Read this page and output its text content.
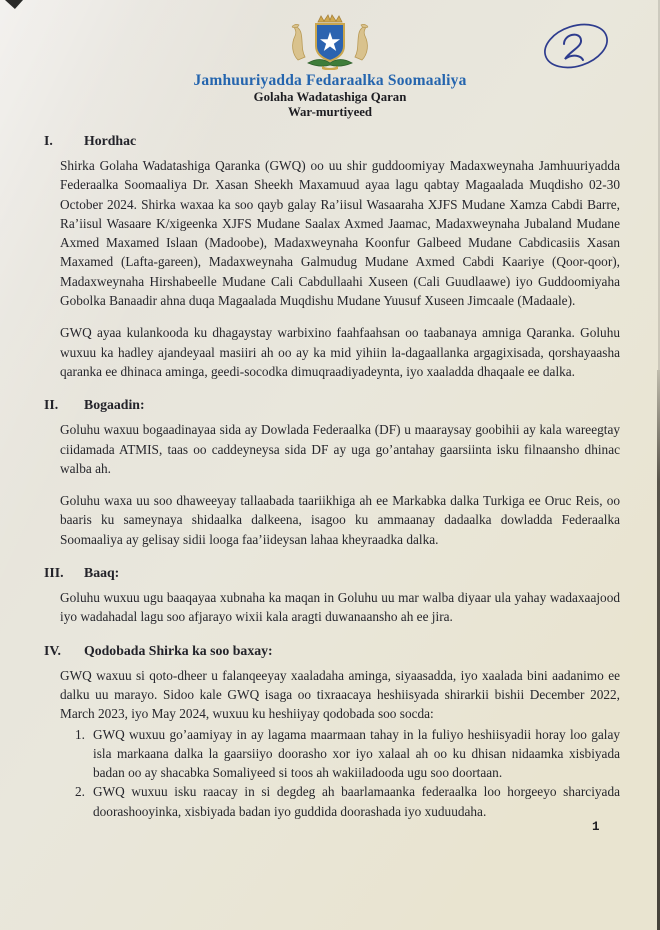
Jamhuuriyadda Fedaraalka Soomaaliya
Golaha Wadatashiga Qaran
War-murtiyeed
I.	Hordhac

Shirka Golaha Wadatashiga Qaranka (GWQ) oo uu shir guddoomiyay Madaxweynaha Jamhuuriyadda Federaalka Soomaaliya Dr. Xasan Sheekh Maxamuud ayaa lagu qabtay Magaalada Muqdisho 02-30 October 2024. Shirka waxaa ka soo qayb galay Ra’iisul Wasaaraha XJFS Mudane Xamza Cabdi Barre, Ra’iisul Wasaare K/xigeenka XJFS Mudane Saalax Axmed Jaamac, Madaxweynaha Jubaland Mudane Axmed Maxamed Islaan (Madoobe), Madaxweynaha Koonfur Galbeed Mudane Cabdicasiis Xasan Maxamed (Lafta-gareen), Madaxweynaha Galmudug Mudane Axmed Cabdi Kaariye (Qoor-qoor), Madaxweynaha Hirshabeelle Mudane Cali Cabdullaahi Xuseen (Cali Guudlaawe) iyo Guddoomiyaha Gobolka Banaadir ahna duqa Magaalada Muqdishu Mudane Yuusuf Xuseen Jimcaale (Madaale).

GWQ ayaa kulankooda ku dhagaystay warbixino faahfaahsan oo taabanaya amniga Qaranka. Goluhu wuxuu ka hadley ajandeyaal masiiri ah oo ay ka mid yihiin la-dagaallanka argagixisada, qorshayaasha qaranka ee dhinaca aminga, geedi-socodka dimuqraadiyadeynta, iyo xaaladda dhaqaale ee dalka.

II.	Bogaadin:

Goluhu waxuu bogaadinayaa sida ay Dowlada Federaalka (DF) u maaraysay goobihii ay kala wareegtay ciidamada ATMIS, taas oo caddeyneysa sida DF ay uga go’antahay gaarsiinta isku filnaansho dhinac walba ah.

Goluhu waxa uu soo dhaweeyay tallaabada taariikhiga ah ee Markabka dalka Turkiga ee Oruc Reis, oo baaris ku sameynaya shidaalka dalkeena, isagoo ku ammaanay dadaalka dowladda Federaalka Soomaaliya ay gelisay sidii looga faa’iideysan lahaa kheyraadka dalka.

III.	Baaq:

Goluhu wuxuu ugu baaqayaa xubnaha ka maqan in Goluhu uu mar walba diyaar ula yahay wadaxaajood iyo wadahadal lagu soo afjarayo wixii kala aragti duwanaansho ah ee jira.

IV.	Qodobada Shirka ka soo baxay:

GWQ waxuu si qoto-dheer u falanqeeyay xaaladaha aminga, siyaasadda, iyo xaalada bini aadanimo ee dalku uu marayo. Sidoo kale GWQ isaga oo tixraacaya heshiisyada shirarkii bishii December 2022, March 2023, iyo May 2024, wuxuu ku heshiiyay qodobada soo socda:

1. GWQ wuxuu go’aamiyay in ay lagama maarmaan tahay in la fuliyo heshiisyadii horay loo galay isla markaana dalka la gaarsiiyo doorasho xor iyo xalaal ah oo ku dhisan nidaamka xisbiyada badan oo ay shacabka Somaliyeed si toos ah wakiiladooda ugu soo doortaan.
2. GWQ wuxuu isku raacay in si degdeg ah baarlamaanka federaalka loo horgeeyo sharciyada doorashooyinka, xisbiyada badan iyo guddida doorashada iyo xuduudaha.
1
